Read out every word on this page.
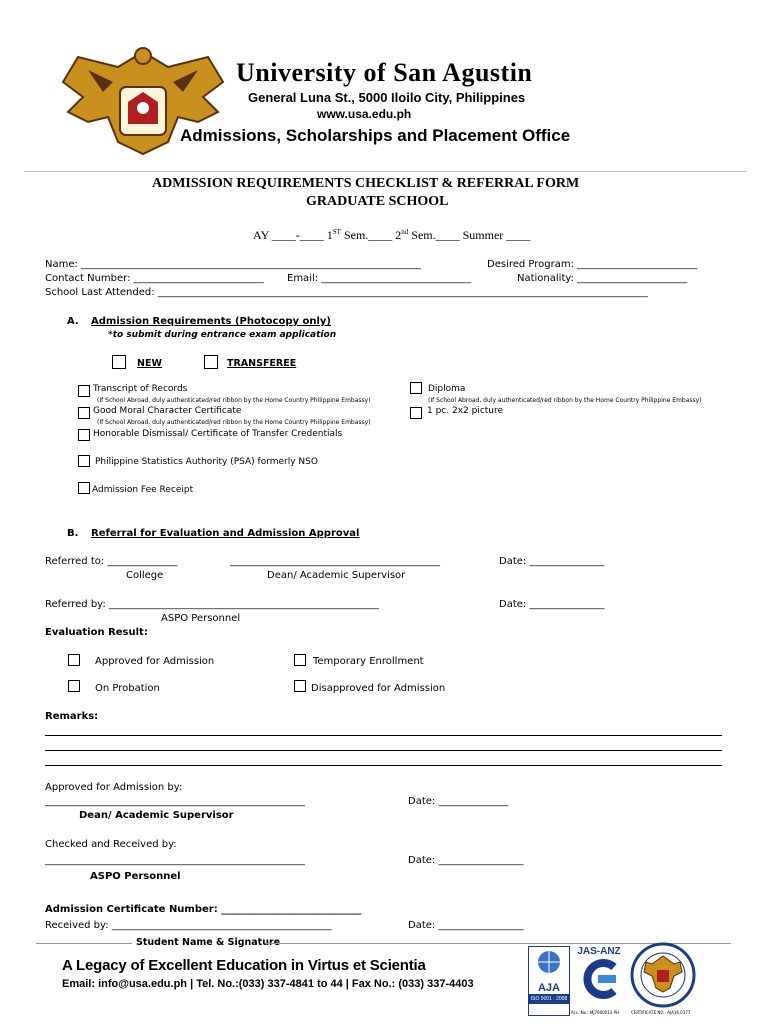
University of San Agustin
General Luna St., 5000 Iloilo City, Philippines
www.usa.edu.ph
Admissions, Scholarships and Placement Office
ADMISSION REQUIREMENTS CHECKLIST & REFERRAL FORM
GRADUATE SCHOOL
AY ____-____ 1ST Sem.____ 2nd Sem.____ Summer ____
Name: ____________________________________________________________________	Desired Program: ________________________
Contact Number: __________________________ Email: ______________________________	Nationality: ______________________
School Last Attended: __________________________________________________________________________________________________
A. Admission Requirements (Photocopy only)
*to submit during entrance exam application
NEW	TRANSFEREE
Transcript of Records
(If School Abroad, duly authenticated/red ribbon by the Home Country Philippine Embassy)
Good Moral Character Certificate
(If School Abroad, duly authenticated/red ribbon by the Home Country Philippine Embassy)
Honorable Dismissal/ Certificate of Transfer Credentials
Diploma
(If School Abroad, duly authenticated/red ribbon by the Home Country Philippine Embassy)
1 pc. 2x2 picture
Philippine Statistics Authority (PSA) formerly NSO
Admission Fee Receipt
B. Referral for Evaluation and Admission Approval
Referred to: ______________	__________________________________________	Date: _______________
College	Dean/ Academic Supervisor
Referred by: ______________________________________________________	Date: _______________
ASPO Personnel
Evaluation Result:
Approved for Admission	Temporary Enrollment
On Probation	Disapproved for Admission
Remarks:
Approved for Admission by:
____________________________________________________	Date: ______________
Dean/ Academic Supervisor
Checked and Received by:
____________________________________________________	Date: _________________
ASPO Personnel
Admission Certificate Number: ____________________________
Received by: ____________________________________________	Date: _________________
Student Name & Signature
A Legacy of Excellent Education in Virtus et Scientia
Email: info@usa.edu.ph | Tel. No.:(033) 337-4841 to 44 | Fax No.: (033) 337-4403	AJA
ISO 9001 : 2008
JAS-ANZ
Acc. No.: MJ7000013 PH	CERTIFICATE NO.: AJA16.0377
